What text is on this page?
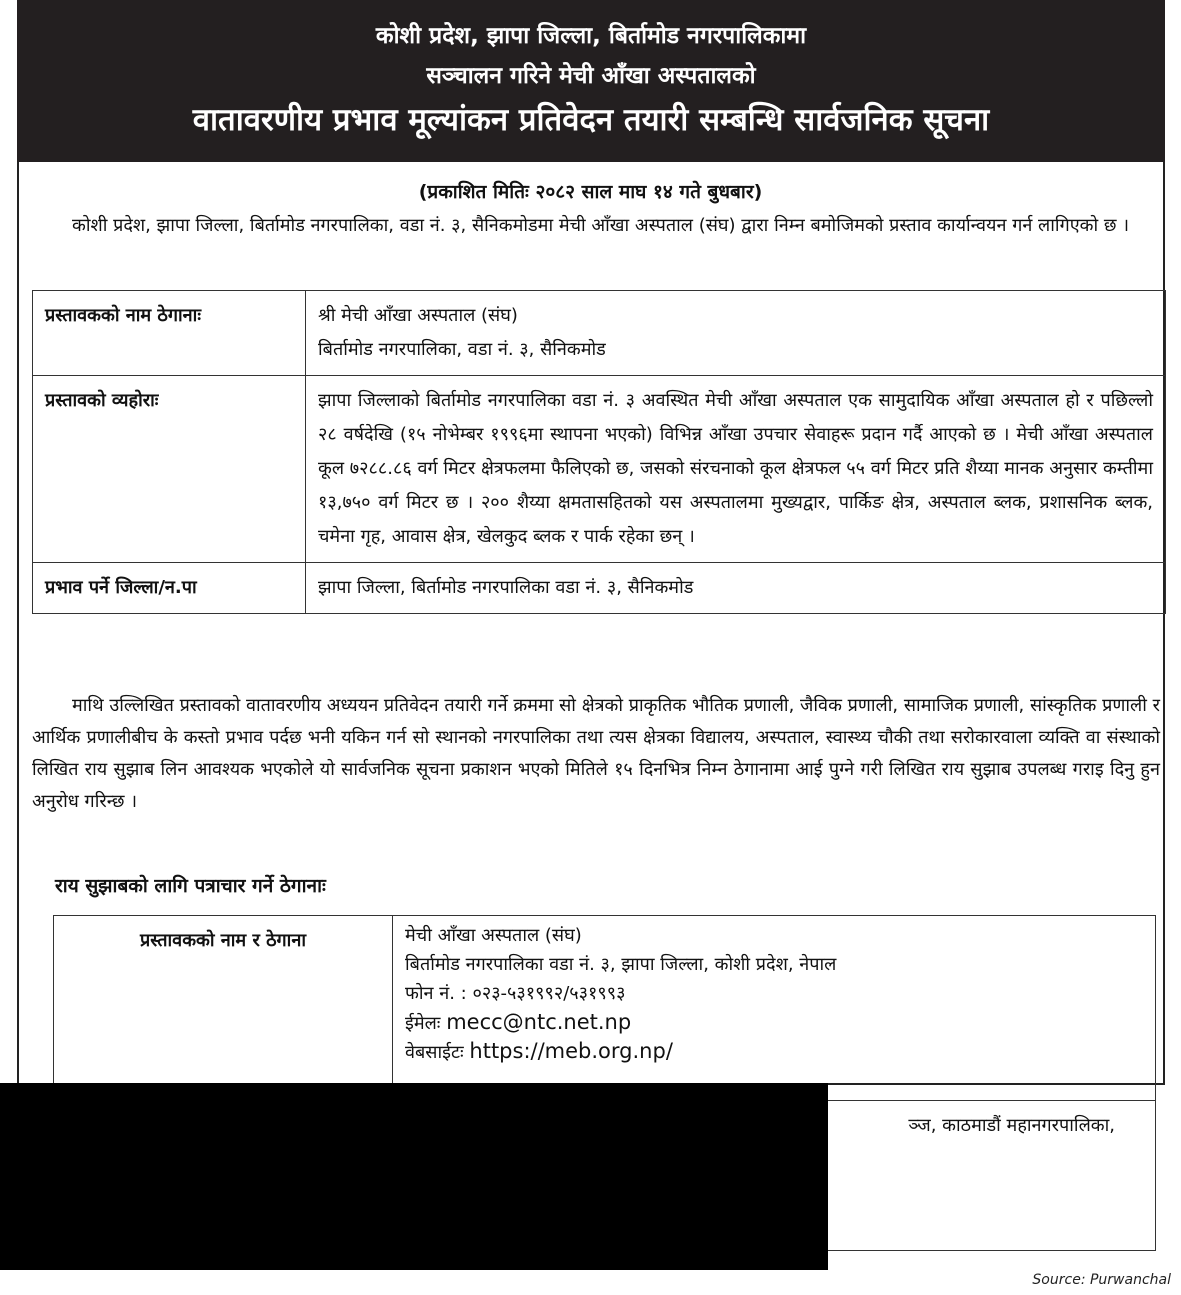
कोशी प्रदेश, झापा जिल्ला, बिर्तामोड नगरपालिकामा
सञ्चालन गरिने मेची आँखा अस्पतालको
वातावरणीय प्रभाव मूल्यांकन प्रतिवेदन तयारी सम्बन्धि सार्वजनिक सूचना
(प्रकाशित मितिः २०८२ साल माघ १४ गते बुधबार)
कोशी प्रदेश, झापा जिल्ला, बिर्तामोड नगरपालिका, वडा नं. ३, सैनिकमोडमा मेची आँखा अस्पताल (संघ) द्वारा निम्न बमोजिमको प्रस्ताव कार्यान्वयन गर्न लागिएको छ ।
प्रस्तावकको नाम ठेगानाः	श्री मेची आँखा अस्पताल (संघ)
बिर्तामोड नगरपालिका, वडा नं. ३, सैनिकमोड

प्रस्तावको व्यहोराः	झापा जिल्लाको बिर्तामोड नगरपालिका वडा नं. ३ अवस्थित मेची आँखा अस्पताल एक सामुदायिक आँखा अस्पताल हो र पछिल्लो २८ वर्षदेखि (१५ नोभेम्बर १९९६मा स्थापना भएको) विभिन्न आँखा उपचार सेवाहरू प्रदान गर्दै आएको छ । मेची आँखा अस्पताल कूल ७२८८.८६ वर्ग मिटर क्षेत्रफलमा फैलिएको छ, जसको संरचनाको कूल क्षेत्रफल ५५ वर्ग मिटर प्रति शैय्या मानक अनुसार कम्तीमा १३,७५० वर्ग मिटर छ । २०० शैय्या क्षमतासहितको यस अस्पतालमा मुख्यद्वार, पार्किङ क्षेत्र, अस्पताल ब्लक, प्रशासनिक ब्लक, चमेना गृह, आवास क्षेत्र, खेलकुद ब्लक र पार्क रहेका छन् ।
प्रभाव पर्ने जिल्ला/न.पा	झापा जिल्ला, बिर्तामोड नगरपालिका वडा नं. ३, सैनिकमोड
माथि उल्लिखित प्रस्तावको वातावरणीय अध्ययन प्रतिवेदन तयारी गर्ने क्रममा सो क्षेत्रको प्राकृतिक भौतिक प्रणाली, जैविक प्रणाली, सामाजिक प्रणाली, सांस्कृतिक प्रणाली र आर्थिक प्रणालीबीच के कस्तो प्रभाव पर्दछ भनी यकिन गर्न सो स्थानको नगरपालिका तथा त्यस क्षेत्रका विद्यालय, अस्पताल, स्वास्थ्य चौकी तथा सरोकारवाला व्यक्ति वा संस्थाको लिखित राय सुझाब लिन आवश्यक भएकोले यो सार्वजनिक सूचना प्रकाशन भएको मितिले १५ दिनभित्र निम्न ठेगानामा आई पुग्ने गरी लिखित राय सुझाब उपलब्ध गराइ दिनु हुन अनुरोध गरिन्छ ।
राय सुझाबको लागि पत्राचार गर्ने ठेगानाः
प्रस्तावकको नाम र ठेगाना	मेची आँखा अस्पताल (संघ)
बिर्तामोड नगरपालिका वडा नं. ३, झापा जिल्ला, कोशी प्रदेश, नेपाल
फोन नं. : ०२३-५३१९९२/५३१९९३
ईमेलः mecc@ntc.net.np
वेबसाईटः https://meb.org.np/

	ञ्ज, काठमाडौं महानगरपालिका,
Source: Purwanchal
